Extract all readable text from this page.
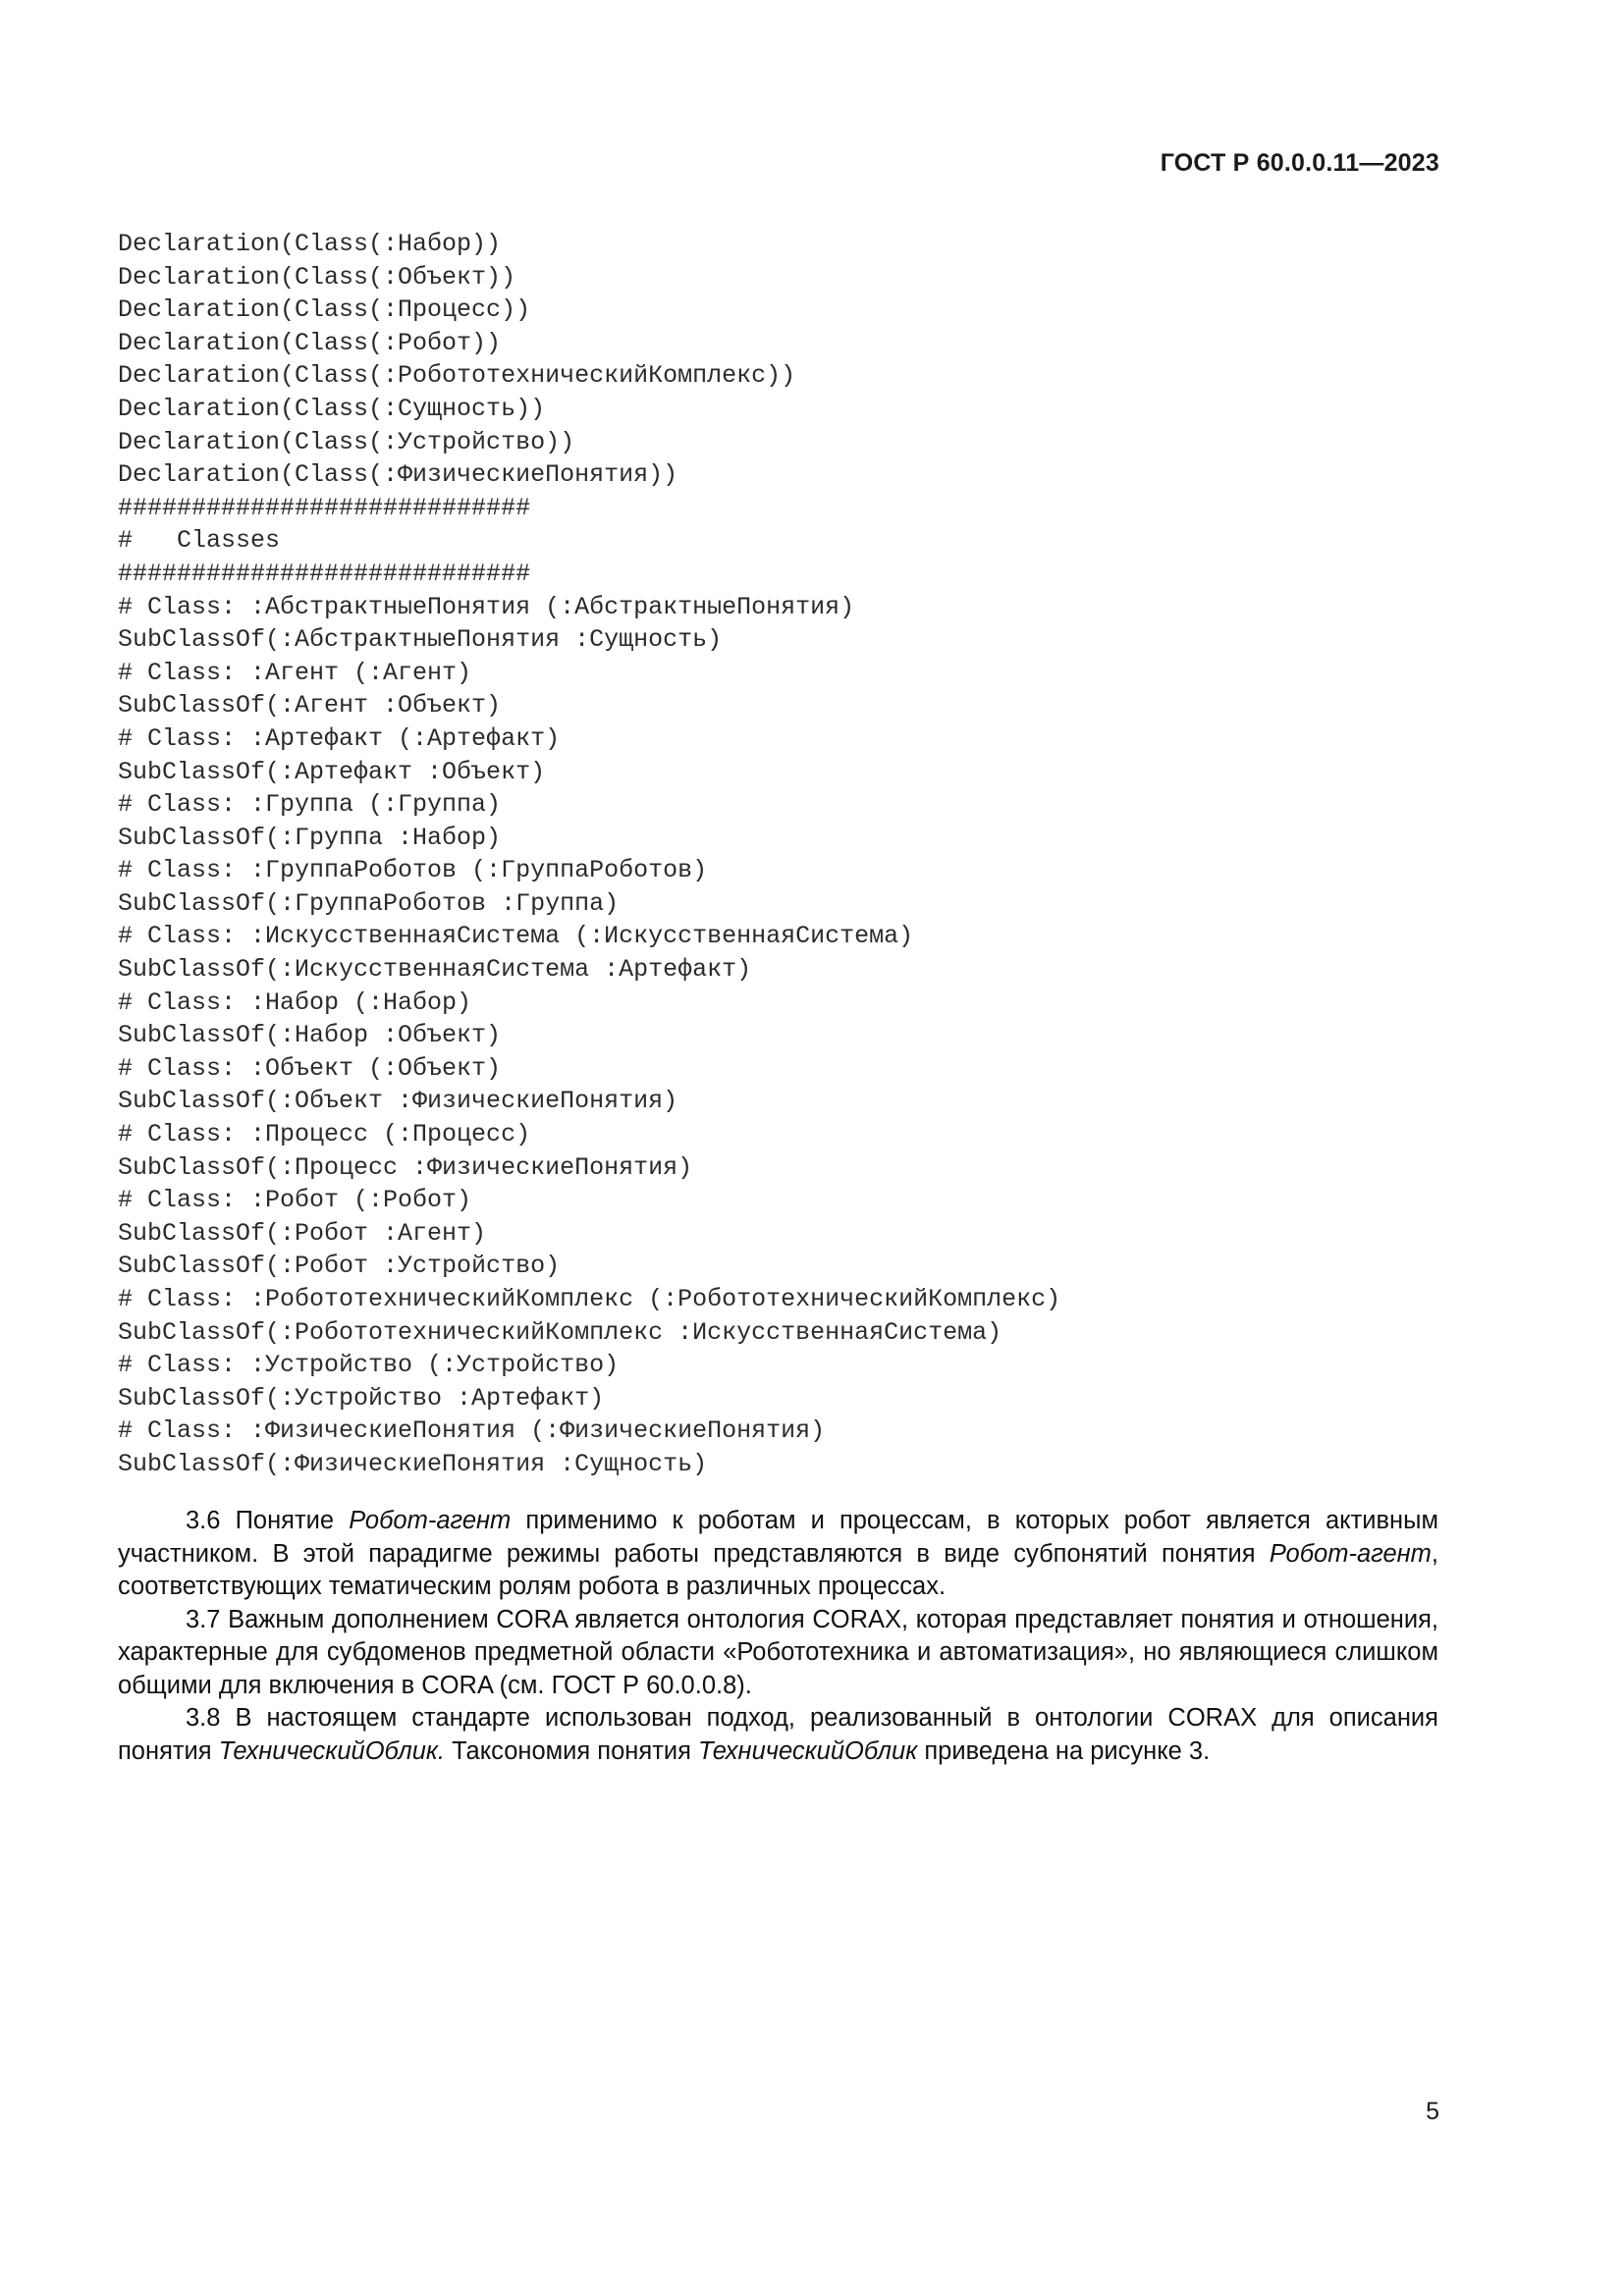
ГОСТ Р 60.0.0.11—2023
Declaration(Class(:Набор))
Declaration(Class(:Объект))
Declaration(Class(:Процесс))
Declaration(Class(:Робот))
Declaration(Class(:РобототехническийКомплекс))
Declaration(Class(:Сущность))
Declaration(Class(:Устройство))
Declaration(Class(:ФизическиеПонятия))
############################
#   Classes
############################
# Class: :АбстрактныеПонятия (:АбстрактныеПонятия)
SubClassOf(:АбстрактныеПонятия :Сущность)
# Class: :Агент (:Агент)
SubClassOf(:Агент :Объект)
# Class: :Артефакт (:Артефакт)
SubClassOf(:Артефакт :Объект)
# Class: :Группа (:Группа)
SubClassOf(:Группа :Набор)
# Class: :ГруппаРоботов (:ГруппаРоботов)
SubClassOf(:ГруппаРоботов :Группа)
# Class: :ИскусственнаяСистема (:ИскусственнаяСистема)
SubClassOf(:ИскусственнаяСистема :Артефакт)
# Class: :Набор (:Набор)
SubClassOf(:Набор :Объект)
# Class: :Объект (:Объект)
SubClassOf(:Объект :ФизическиеПонятия)
# Class: :Процесс (:Процесс)
SubClassOf(:Процесс :ФизическиеПонятия)
# Class: :Робот (:Робот)
SubClassOf(:Робот :Агент)
SubClassOf(:Робот :Устройство)
# Class: :РобототехническийКомплекс (:РобототехническийКомплекс)
SubClassOf(:РобототехническийКомплекс :ИскусственнаяСистема)
# Class: :Устройство (:Устройство)
SubClassOf(:Устройство :Артефакт)
# Class: :ФизическиеПонятия (:ФизическиеПонятия)
SubClassOf(:ФизическиеПонятия :Сущность)

3.6 Понятие Робот-агент применимо к роботам и процессам, в которых робот является активным участником. В этой парадигме режимы работы представляются в виде субпонятий понятия Робот-агент, соответствующих тематическим ролям робота в различных процессах.

3.7 Важным дополнением CORA является онтология CORAX, которая представляет понятия и отношения, характерные для субдоменов предметной области «Робототехника и автоматизация», но являющиеся слишком общими для включения в CORA (см. ГОСТ Р 60.0.0.8).

3.8 В настоящем стандарте использован подход, реализованный в онтологии CORAX для описания понятия ТехническийОблик. Таксономия понятия ТехническийОблик приведена на рисунке 3.

5
